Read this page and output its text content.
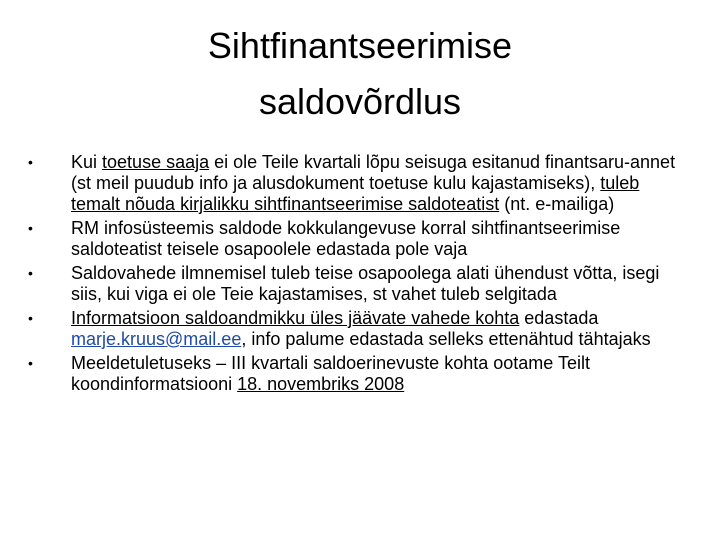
Sihtfinantseerimise
saldovõrdlus
•	Kui toetuse saaja ei ole Teile kvartali lõpu seisuga esitanud finantsaru-annet (st meil puudub info ja alusdokument toetuse kulu kajastamiseks), tuleb temalt nõuda kirjalikku sihtfinantseerimise saldoteatist (nt. e-mailiga)
•	RM infosüsteemis saldode kokkulangevuse korral sihtfinantseerimise saldoteatist teisele osapoolele edastada pole vaja
•	Saldovahede ilmnemisel tuleb teise osapoolega alati ühendust võtta, isegi siis, kui viga ei ole Teie kajastamises, st vahet tuleb selgitada
•	Informatsioon saldoandmikku üles jäävate vahede kohta edastada marje.kruus@mail.ee, info palume edastada selleks ettenähtud tähtajaks
•	Meeldetuletuseks – III kvartali saldoerinevuste kohta ootame Teilt koondinformatsiooni 18. novembriks 2008
